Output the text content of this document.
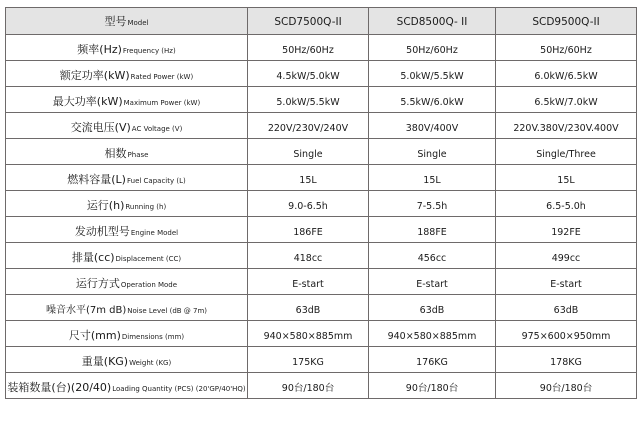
型号Model	SCD7500Q-II	SCD8500Q- II	SCD9500Q-II
频率(Hz)Frequency (Hz)	50Hz/60Hz	50Hz/60Hz	50Hz/60Hz
额定功率(kW)Rated Power (kW)	4.5kW/5.0kW	5.0kW/5.5kW	6.0kW/6.5kW
最大功率(kW)Maximum Power (kW)	5.0kW/5.5kW	5.5kW/6.0kW	6.5kW/7.0kW
交流电压(V)AC Voltage (V)	220V/230V/240V	380V/400V	220V.380V/230V.400V
相数Phase	Single	Single	Single/Three
燃料容量(L)Fuel Capacity (L)	15L	15L	15L
运行(h)Running (h)	9.0-6.5h	7-5.5h	6.5-5.0h
发动机型号Engine Model	186FE	188FE	192FE
排量(cc)Displacement (CC)	418cc	456cc	499cc
运行方式Operation Mode	E-start	E-start	E-start
噪音水平(7m dB)Noise Level (dB @ 7m)	63dB	63dB	63dB
尺寸(mm)Dimensions (mm)	940×580×885mm	940×580×885mm	975×600×950mm
重量(KG)Weight (KG)	175KG	176KG	178KG
装箱数量(台)(20/40)Loading Quantity (PCS) (20'GP/40'HQ)	90台/180台	90台/180台	90台/180台
